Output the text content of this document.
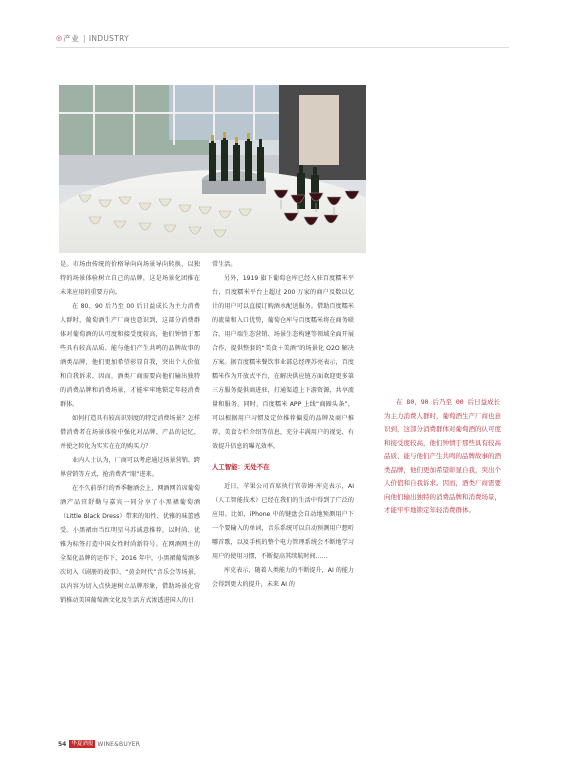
◎ 产业 | INDUSTRY

是。市场由传统的价格导向向场景导向转换，以独特的场景体验树立自己的品牌，这是场景化团推在未来应用的重要方向。

在 80、90 后乃至 00 后日益成长为主力消费人群时，葡萄酒生产厂商也意识到，这部分消费群体对葡萄酒的认可度和接受度较高，他们钟情于那些具有较高品质、能与他们产生共鸣的品牌故事的酒类品牌，他们更加希望彰显自我，突出个人价值和自我诉求。因而，酒类厂商需要向他们输出独特的消费品牌和消费场景，才能牢牢地锁定年轻消费群体。

如何打造具有较高识别度的特定消费场景？怎样借消费者在场景体验中强化对品牌、产品的记忆，并使之转化为实实在在的购买力？

业内人士认为，厂商可以考虑通过场景营销、跨界营销等方式，抢消费者“眼”进来。

在不久前举行的香季糖酒会上，网酒网首席葡萄酒产品官舒勤与嘉宾一同分享了小黑裙葡萄酒（Little Black Dress）带来的知性、优雅的味蕾感受。小黑裙由当红明星马苏诚意推荐，以时尚、优雅为标签打造中国女性时尚新符号。在网酒网主的全渠化品牌的运作下，2016 年中，小黑裙葡萄酒多次切入《剧册的故事》、“黄金时代”音乐会等场景，以内容为切入点快速树立品牌形象，借助场景化营销推动美国葡萄酒文化及生活方式渗透进国人的日

常生活。

另外，1919 旗下葡萄仓库已经入驻百度糯米平台，百度糯米平台上超过 200 万家的商户及数以亿计的用户可以直接订购酒水配送服务。借助百度糯米的流量和入口优势，葡萄仓库与百度糯米将在商务联合、用户端生态营销、场景生态构建等领域全面开展合作，提供整套的“美食＋美酒”的场景化 O2O 解决方案。据百度糯米餐饮事业部总经理苏亮表示，百度糯米作为开放式平台，在解决供应链方面欢迎更多第三方服务提供商进驻，打通渠道上下游资源，共享流量和服务。同时，百度糯米 APP 上线“商圈头条”，可以根据用户习惯及定位推荐偏爱的品牌及商户推荐、美食专栏介绍等信息，充分丰满用户的视觉，有效提升信息的曝光效率。

人工智能：无处不在

近日，苹果公司首席执行官蒂姆·库克表示，AI（人工智能技术）已经在我们的生活中得到了广泛的应用。比如，iPhone 中的键盘会自动地预测用户下一个要输入的单词，音乐系统可以自动预测用户想听哪首歌，以及手机的整个电力管理系统会不断地学习用户的使用习惯，不断提高其续航时间……

库克表示，随着人类能力的不断提升，AI 的能力会得到更大的提升，未来 AI 的

在 80、90 后乃至 00 后日益成长为主力消费人群时，葡萄酒生产厂商也意识到，这部分消费群体对葡萄酒的认可度和接受度较高，他们钟情于那些具有较高品质、能与他们产生共鸣的品牌故事的酒类品牌，他们更加希望彰显自我，突出个人价值和自我诉求。因而，酒类厂商需要向他们输出独特的消费品牌和消费场景，才能牢牢地锁定年轻消费群体。

54 华夏酒报 WINE&BUYER
